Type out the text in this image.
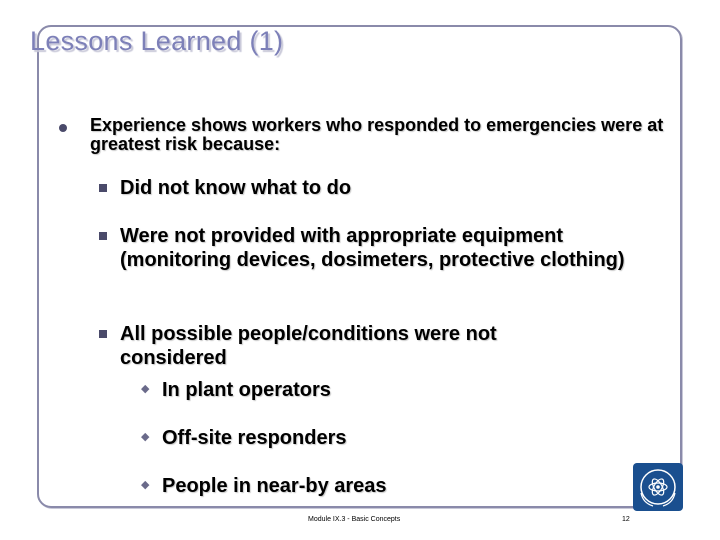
Lessons Learned (1)
Experience shows workers who responded to emergencies were at greatest risk because:
Did not know what to do
Were not provided with appropriate equipment (monitoring devices, dosimeters, protective clothing)
All possible people/conditions were not considered
◆ In plant operators
◆ Off-site responders
◆ People in near-by areas
Module IX.3 - Basic Concepts	12
